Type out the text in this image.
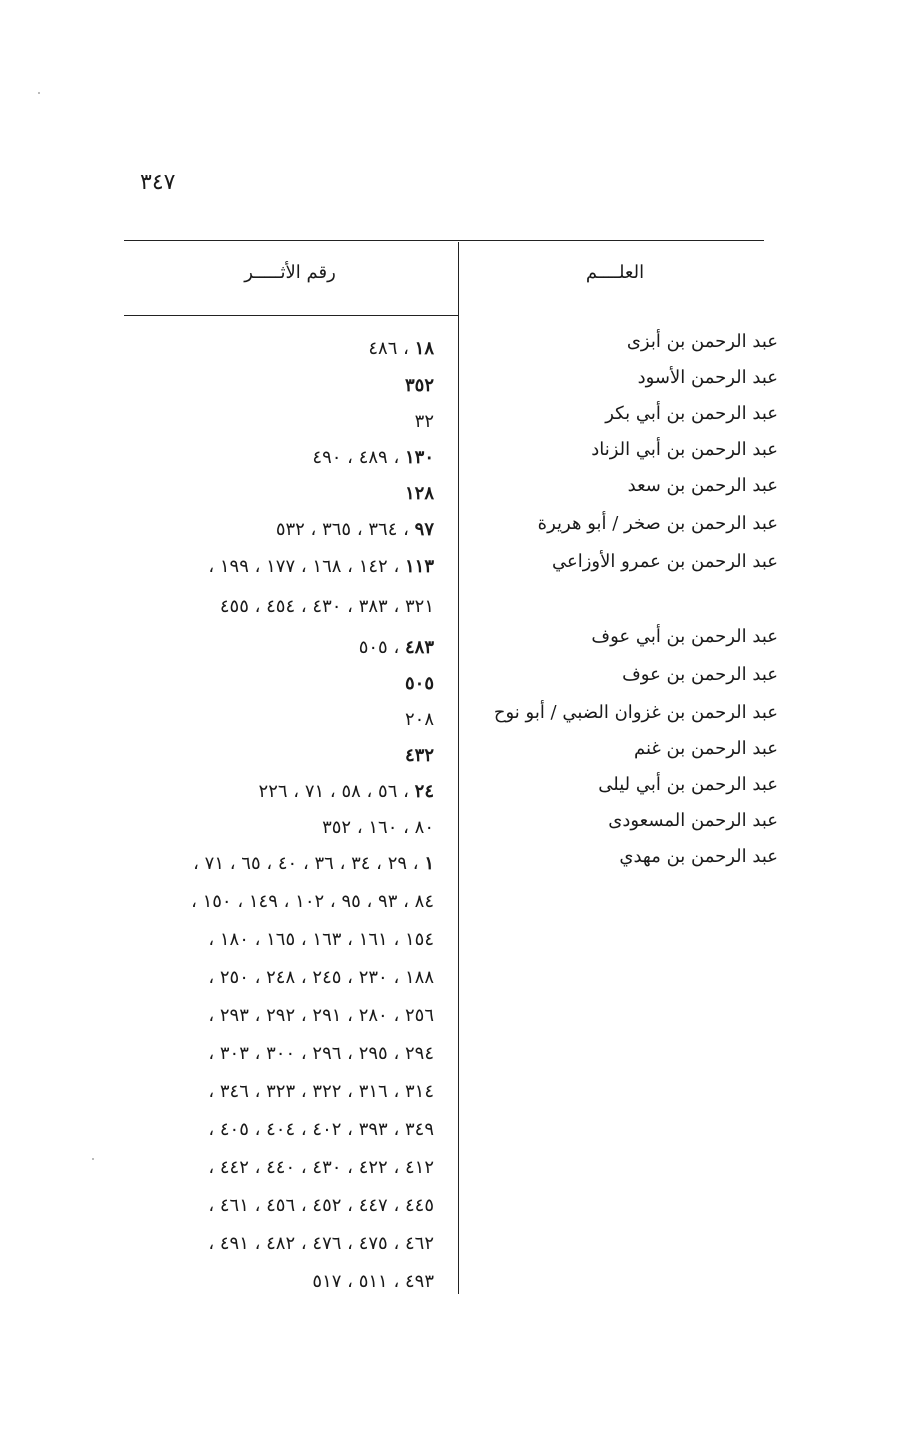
٣٤٧
العلــــم
رقم الأثـــــر
عبد الرحمن بن أبزى
١٨ ، ٤٨٦
عبد الرحمن الأسود
٣٥٢
عبد الرحمن بن أبي بكر
٣٢
عبد الرحمن بن أبي الزناد
١٣٠ ، ٤٨٩ ، ٤٩٠
عبد الرحمن بن سعد
١٢٨
عبد الرحمن بن صخر / أبو هريرة
٩٧ ، ٣٦٤ ، ٣٦٥ ، ٥٣٢
عبد الرحمن بن عمرو الأوزاعي
١١٣ ، ١٤٢ ، ١٦٨ ، ١٧٧ ، ١٩٩ ،
٣٢١ ، ٣٨٣ ، ٤٣٠ ، ٤٥٤ ، ٤٥٥
عبد الرحمن بن أبي عوف
٤٨٣ ، ٥٠٥
عبد الرحمن بن عوف
٥٠٥
عبد الرحمن بن غزوان الضبي / أبو نوح
٢٠٨
عبد الرحمن بن غنم
٤٣٢
عبد الرحمن بن أبي ليلى
٢٤ ، ٥٦ ، ٥٨ ، ٧١ ، ٢٢٦
عبد الرحمن المسعودى
٨٠ ، ١٦٠ ، ٣٥٢
عبد الرحمن بن مهدي
١ ، ٢٩ ، ٣٤ ، ٣٦ ، ٤٠ ، ٦٥ ، ٧١ ،
٨٤ ، ٩٣ ، ٩٥ ، ١٠٢ ، ١٤٩ ، ١٥٠ ،
١٥٤ ، ١٦١ ، ١٦٣ ، ١٦٥ ، ١٨٠ ،
١٨٨ ، ٢٣٠ ، ٢٤٥ ، ٢٤٨ ، ٢٥٠ ،
٢٥٦ ، ٢٨٠ ، ٢٩١ ، ٢٩٢ ، ٢٩٣ ،
٢٩٤ ، ٢٩٥ ، ٢٩٦ ، ٣٠٠ ، ٣٠٣ ،
٣١٤ ، ٣١٦ ، ٣٢٢ ، ٣٢٣ ، ٣٤٦ ،
٣٤٩ ، ٣٩٣ ، ٤٠٢ ، ٤٠٤ ، ٤٠٥ ،
٤١٢ ، ٤٢٢ ، ٤٣٠ ، ٤٤٠ ، ٤٤٢ ،
٤٤٥ ، ٤٤٧ ، ٤٥٢ ، ٤٥٦ ، ٤٦١ ،
٤٦٢ ، ٤٧٥ ، ٤٧٦ ، ٤٨٢ ، ٤٩١ ،
٤٩٣ ، ٥١١ ، ٥١٧
